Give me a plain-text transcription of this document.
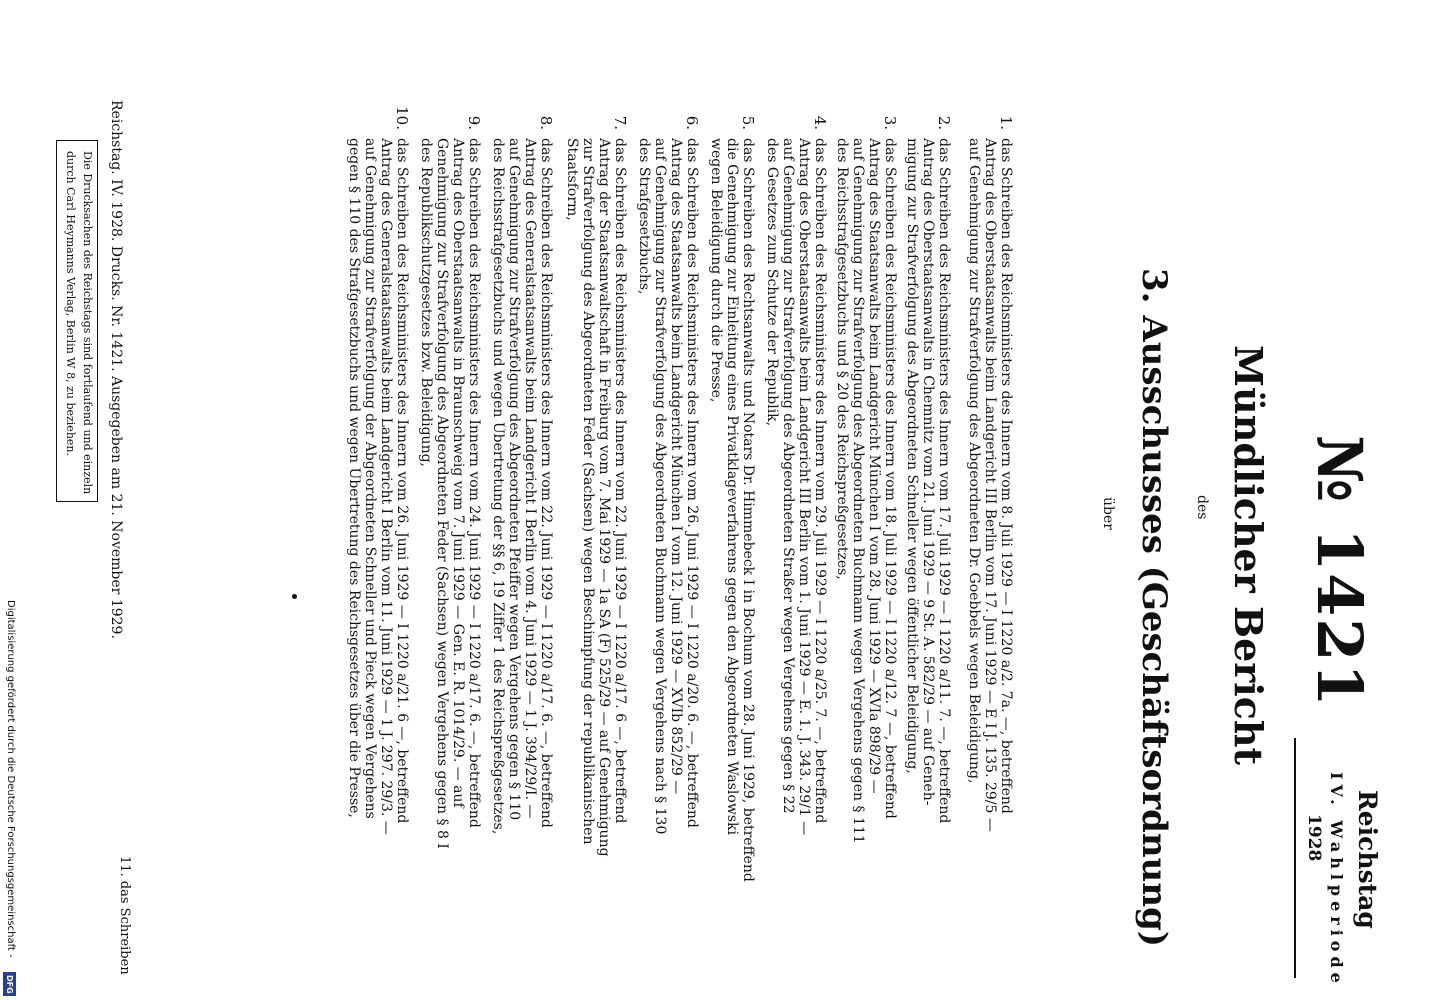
Reichstag
IV. Wahlperiode
1928
№ 1421
Mündlicher Bericht
des
3. Ausschusses (Geschäftsordnung)
über
1.
das Schreiben des Reichsministers des Innern vom 8. Juli 1929 — I 1220 a/2. 7a. —, betreffend
Antrag des Oberstaatsanwalts beim Landgericht III Berlin vom 17. Juni 1929 — E I J. 135. 29/5 —
auf Genehmigung zur Strafverfolgung des Abgeordneten Dr. Goebbels wegen Beleidigung,
2.
das Schreiben des Reichsministers des Innern vom 17. Juli 1929 — I 1220 a/11. 7. —, betreffend
Antrag des Oberstaatsanwalts in Chemnitz vom 21. Juni 1929 — 9 St. A. 582/29 — auf Geneh-
migung zur Strafverfolgung des Abgeordneten Schneller wegen öffentlicher Beleidigung,
3.
das Schreiben des Reichsministers des Innern vom 18. Juli 1929 — I 1220 a/12. 7 —, betreffend
Antrag des Staatsanwalts beim Landgericht München I vom 28. Juni 1929 — XVIa 898/29 —
auf Genehmigung zur Strafverfolgung des Abgeordneten Buchmann wegen Vergehens gegen § 111
des Reichsstrafgesetzbuchs und § 20 des Reichspreßgesetzes,
4.
das Schreiben des Reichsministers des Innern vom 29. Juli 1929 — I 1220 a/25. 7. —, betreffend
Antrag des Oberstaatsanwalts beim Landgericht III Berlin vom 1. Juni 1929 — E. 1. J. 343. 29/1 —
auf Genehmigung zur Strafverfolgung des Abgeordneten Straßer wegen Vergehens gegen § 22
des Gesetzes zum Schutze der Republik,
5.
das Schreiben des Rechtsanwalts und Notars Dr. Himmebeck I in Bochum vom 28. Juni 1929, betreffend
die Genehmigung zur Einleitung eines Privatklageverfahrens gegen den Abgeordneten Waslowski
wegen Beleidigung durch die Presse,
6.
das Schreiben des Reichsministers des Innern vom 26. Juni 1929 — I 1220 a/20. 6. —, betreffend
Antrag des Staatsanwalts beim Landgericht München I vom 12. Juni 1929 — XVIb 852/29 —
auf Genehmigung zur Strafverfolgung des Abgeordneten Buchmann wegen Vergehens nach § 130
des Strafgesetzbuchs,
7.
das Schreiben des Reichsministers des Innern vom 22. Juni 1929 — I 1220 a/17. 6 —, betreffend
Antrag der Staatsanwaltschaft in Freiburg vom 7. Mai 1929 — 1a SA (F) 525/29 — auf Genehmigung
zur Strafverfolgung des Abgeordneten Feder (Sachsen) wegen Beschimpfung der republikanischen
Staatsform,
8.
das Schreiben des Reichsministers des Innern vom 22. Juni 1929 — I 1220 a/17. 6. —, betreffend
Antrag des Generalstaatsanwalts beim Landgericht I Berlin vom 4. Juni 1929 — 1 J. 394/29/I. —
auf Genehmigung zur Strafverfolgung des Abgeordneten Pfeiffer wegen Vergehens gegen § 110
des Reichsstrafgesetzbuchs und wegen Übertretung der §§ 6, 19 Ziffer 1 des Reichspreßgesetzes,
9.
das Schreiben des Reichsministers des Innern vom 24. Juni 1929 — I 1220 a/17. 6. —, betreffend
Antrag des Oberstaatsanwalts in Braunschweig vom 7. Juni 1929 — Gen. E. R. 1014/29. — auf
Genehmigung zur Strafverfolgung des Abgeordneten Feder (Sachsen) wegen Vergehens gegen § 8 I
des Republikschutzgesetzes bzw. Beleidigung,
10.
das Schreiben des Reichsministers des Innern vom 26. Juni 1929 — I 1220 a/21. 6 —, betreffend
Antrag des Generalstaatsanwalts beim Landgericht I Berlin vom 11. Juni 1929 — 1 J. 297. 29/3. —
auf Genehmigung zur Strafverfolgung der Abgeordneten Schneller und Pieck wegen Vergehens
gegen § 110 des Strafgesetzbuchs und wegen Übertretung des Reichsgesetzes über die Presse,
11. das Schreiben
Reichstag. IV. 1928. Drucks. Nr. 1421. Ausgegeben am 21. November 1929.
Die Drucksachen des Reichstags sind fortlaufend und einzeln
durch Carl Heymanns Verlag, Berlin W 8, zu beziehen.
Digitalisierung gefördert durch die Deutsche Forschungsgemeinschaft -
DFG
